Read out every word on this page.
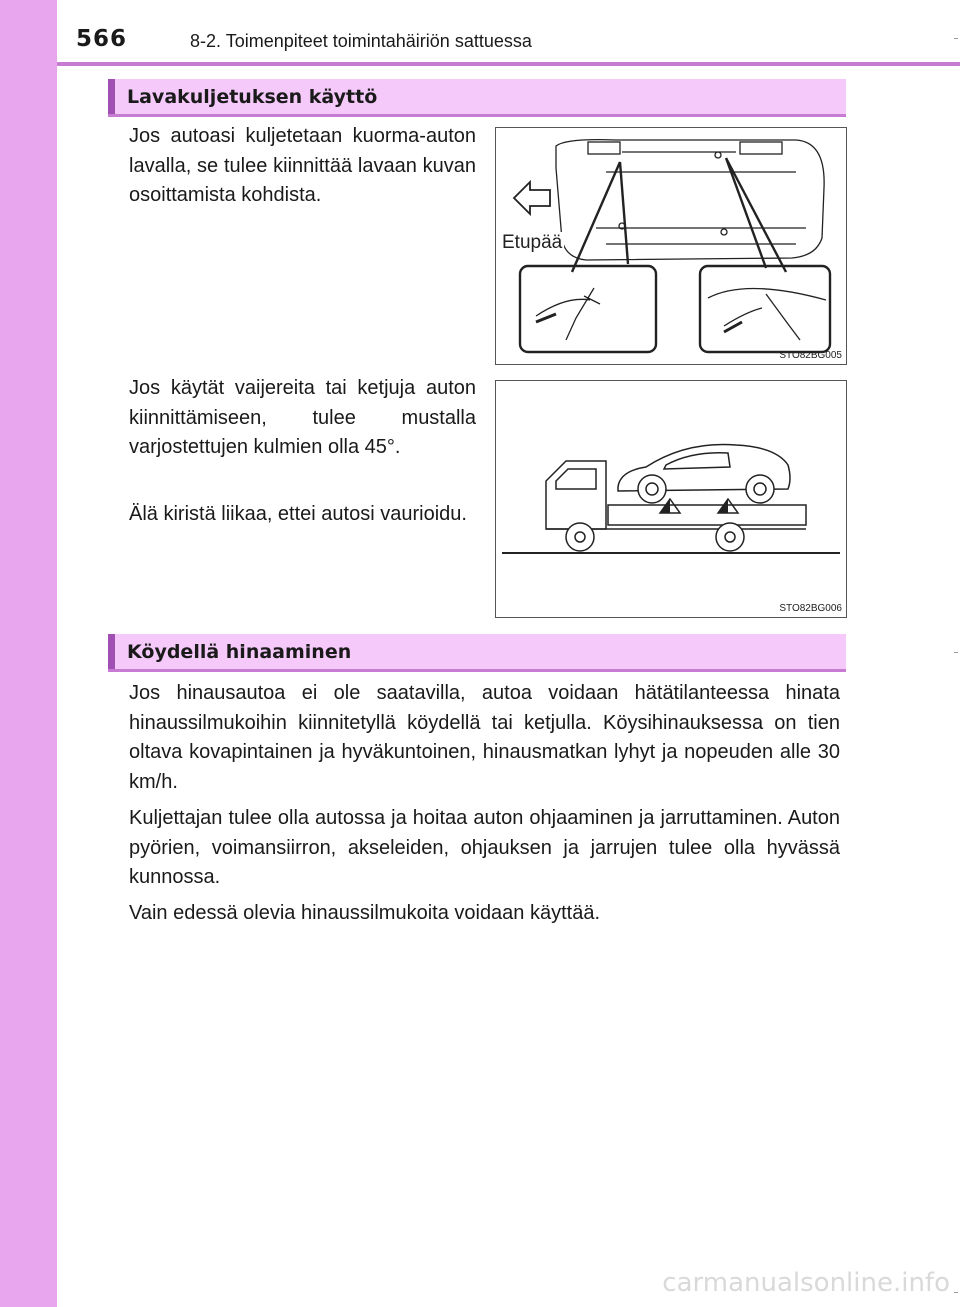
566	8-2. Toimenpiteet toimintahäiriön sattuessa
Lavakuljetuksen käyttö

Jos autoasi kuljetetaan kuorma-auton lavalla, se tulee kiinnittää lavaan kuvan osoittamista kohdista.

Jos käytät vaijereita tai ketjuja auton kiinnittämiseen, tulee mustalla varjostettujen kulmien olla 45°.

Älä kiristä liikaa, ettei autosi vaurioidu.

Etupää
STO82BG005
STO82BG006
Köydellä hinaaminen

Jos hinausautoa ei ole saatavilla, autoa voidaan hätätilanteessa hinata hinaussilmukoihin kiinnitetyllä köydellä tai ketjulla. Köysihinauksessa on tien oltava kovapintainen ja hyväkuntoinen, hinausmatkan lyhyt ja nopeuden alle 30 km/h.

Kuljettajan tulee olla autossa ja hoitaa auton ohjaaminen ja jarruttaminen. Auton pyörien, voimansiirron, akseleiden, ohjauksen ja jarrujen tulee olla hyvässä kunnossa.

Vain edessä olevia hinaussilmukoita voidaan käyttää.

carmanualsonline.info
